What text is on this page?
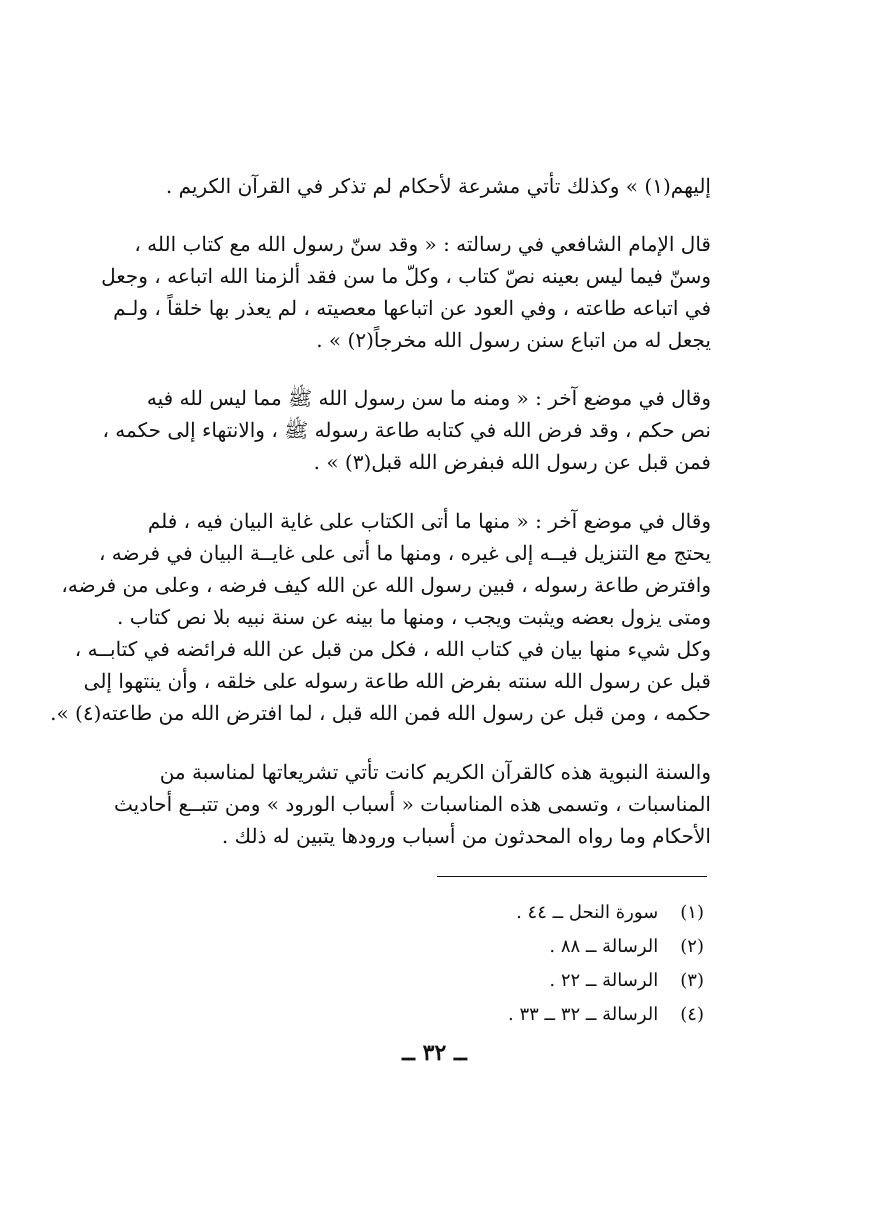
إليهم(١) » وكذلك تأتي مشرعة لأحكام لم تذكر في القرآن الكريم .
قال الإمام الشافعي في رسالته : « وقد سنّ رسول الله مع كتاب الله ،
وسنّ فيما ليس بعينه نصّ كتاب ، وكلّ ما سن فقد ألزمنا الله اتباعه ، وجعل
في اتباعه طاعته ، وفي العود عن اتباعها معصيته ، لم يعذر بها خلقاً ، ولـم
يجعل له من اتباع سنن رسول الله مخرجاً(٢) » .
وقال في موضع آخر : « ومنه ما سن رسول الله ﷺ مما ليس لله فيه
نص حكم ، وقد فرض الله في كتابه طاعة رسوله ﷺ ، والانتهاء إلى حكمه ،
فمن قبل عن رسول الله فبفرض الله قبل(٣) » .
وقال في موضع آخر : « منها ما أتى الكتاب على غاية البيان فيه ، فلم
يحتج مع التنزيل فيــه إلى غيره ، ومنها ما أتى على غايــة البيان في فرضه ،
وافترض طاعة رسوله ، فبين رسول الله عن الله كيف فرضه ، وعلى من فرضه،
ومتى يزول بعضه ويثبت ويجب ، ومنها ما بينه عن سنة نبيه بلا نص كتاب .
وكل شيء منها بيان في كتاب الله ، فكل من قبل عن الله فرائضه في كتابــه ،
قبل عن رسول الله سنته بفرض الله طاعة رسوله على خلقه ، وأن ينتهوا إلى
حكمه ، ومن قبل عن رسول الله فمن الله قبل ، لما افترض الله من طاعته(٤) ».
والسنة النبوية هذه كالقرآن الكريم كانت تأتي تشريعاتها لمناسبة من
المناسبات ، وتسمى هذه المناسبات « أسباب الورود » ومن تتبــع أحاديث
الأحكام وما رواه المحدثون من أسباب ورودها يتبين له ذلك .
(١) سورة النحل ــ ٤٤ .
(٢) الرسالة ــ ٨٨ .
(٣) الرسالة ــ ٢٢ .
(٤) الرسالة ــ ٣٢ ــ ٣٣ .
ــ ٣٢ ــ
